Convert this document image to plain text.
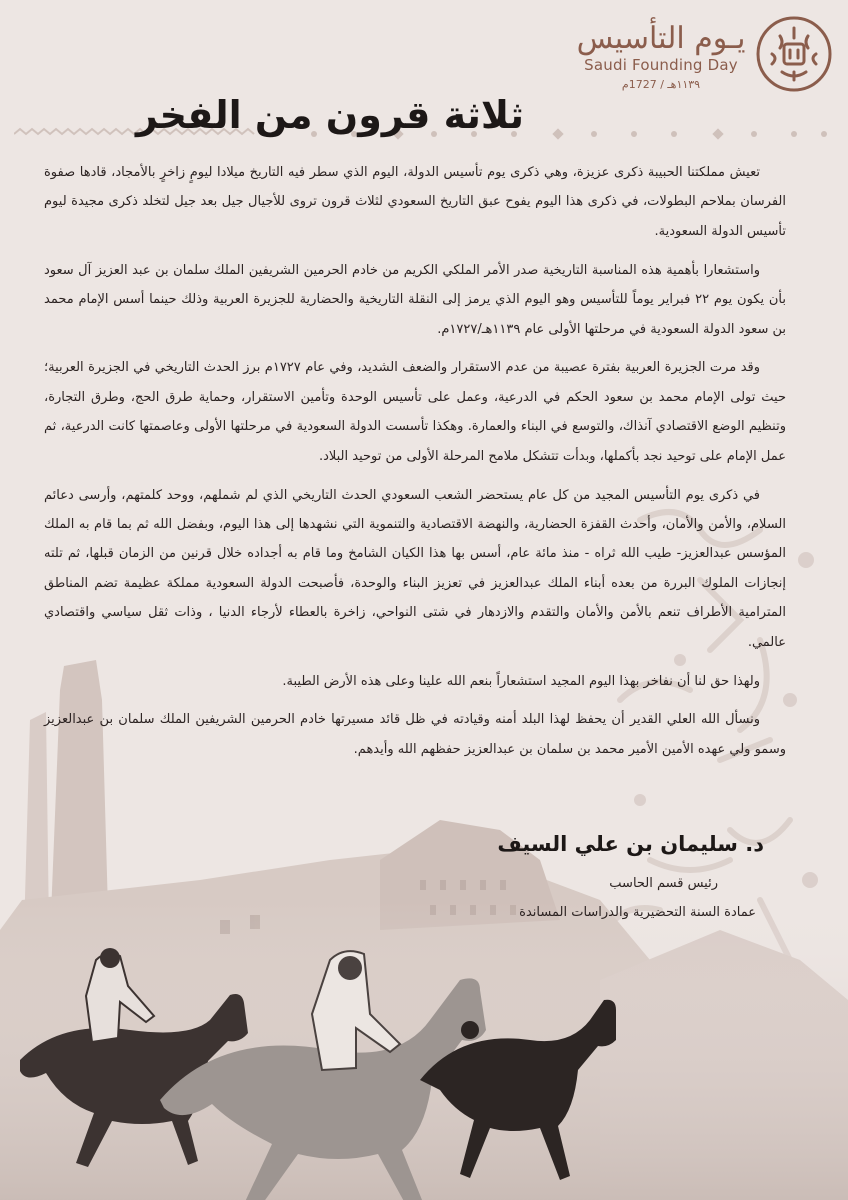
يـوم التأسيس
Saudi Founding Day
١١٣٩هـ / 1727م
ثلاثة قرون من الفخر

تعيش مملكتنا الحبيبة ذكرى عزيزة، وهي ذكرى يوم تأسيس الدولة، اليوم الذي سطر فيه التاريخ ميلادا ليومٍ زاخرٍ بالأمجاد، قادها صفوة الفرسان بملاحم البطولات، في ذكرى هذا اليوم يفوح عبق التاريخ السعودي لثلاث قرون تروى للأجيال جيل بعد جيل لتخلد ذكرى مجيدة ليوم تأسيس الدولة السعودية.

واستشعارا بأهمية هذه المناسبة التاريخية صدر الأمر الملكي الكريم من خادم الحرمين الشريفين الملك سلمان بن عبد العزيز آل سعود بأن يكون يوم ٢٢ فبراير يوماً للتأسيس وهو اليوم الذي يرمز إلى النقلة التاريخية والحضارية للجزيرة العربية وذلك حينما أسس الإمام محمد بن سعود الدولة السعودية في مرحلتها الأولى عام ١١٣٩هـ/١٧٢٧م.

وقد مرت الجزيرة العربية بفترة عصيبة من عدم الاستقرار والضعف الشديد، وفي عام ١٧٢٧م برز الحدث التاريخي في الجزيرة العربية؛ حيث تولى الإمام محمد بن سعود الحكم في الدرعية، وعمل على تأسيس الوحدة وتأمين الاستقرار، وحماية طرق الحج، وطرق التجارة، وتنظيم الوضع الاقتصادي آنذاك، والتوسع في البناء والعمارة. وهكذا تأسست الدولة السعودية في مرحلتها الأولى وعاصمتها كانت الدرعية، ثم عمل الإمام على توحيد نجد بأكملها، وبدأت تتشكل ملامح المرحلة الأولى من توحيد البلاد.

في ذكرى يوم التأسيس المجيد من كل عام يستحضر الشعب السعودي الحدث التاريخي الذي لم شملهم، ووحد كلمتهم، وأرسى دعائم السلام، والأمن والأمان، وأحدث القفزة الحضارية، والنهضة الاقتصادية والتنموية التي نشهدها إلى هذا اليوم، وبفضل الله ثم بما قام به الملك المؤسس عبدالعزيز- طيب الله ثراه - منذ مائة عام، أسس بها هذا الكيان الشامخ وما قام به أجداده خلال قرنين من الزمان قبلها، ثم تلته إنجازات الملوك البررة من بعده أبناء الملك عبدالعزيز في تعزيز البناء والوحدة، فأصبحت الدولة السعودية مملكة عظيمة تضم المناطق المترامية الأطراف تنعم بالأمن والأمان والتقدم والازدهار في شتى النواحي، زاخرة بالعطاء لأرجاء الدنيا ، وذات ثقل سياسي واقتصادي عالمي.

ولهذا حق لنا أن نفاخر بهذا اليوم المجيد استشعاراً بنعم الله علينا وعلى هذه الأرض الطيبة.

ونسأل الله العلي القدير أن يحفظ لهذا البلد أمنه وقيادته في ظل قائد مسيرتها خادم الحرمين الشريفين الملك سلمان بن عبدالعزيز وسمو ولي عهده الأمين الأمير محمد بن سلمان بن عبدالعزيز حفظهم الله وأيدهم.

د. سليمان بن علي السيف

رئيس قسم الحاسب

عمادة السنة التحضيرية والدراسات المساندة
